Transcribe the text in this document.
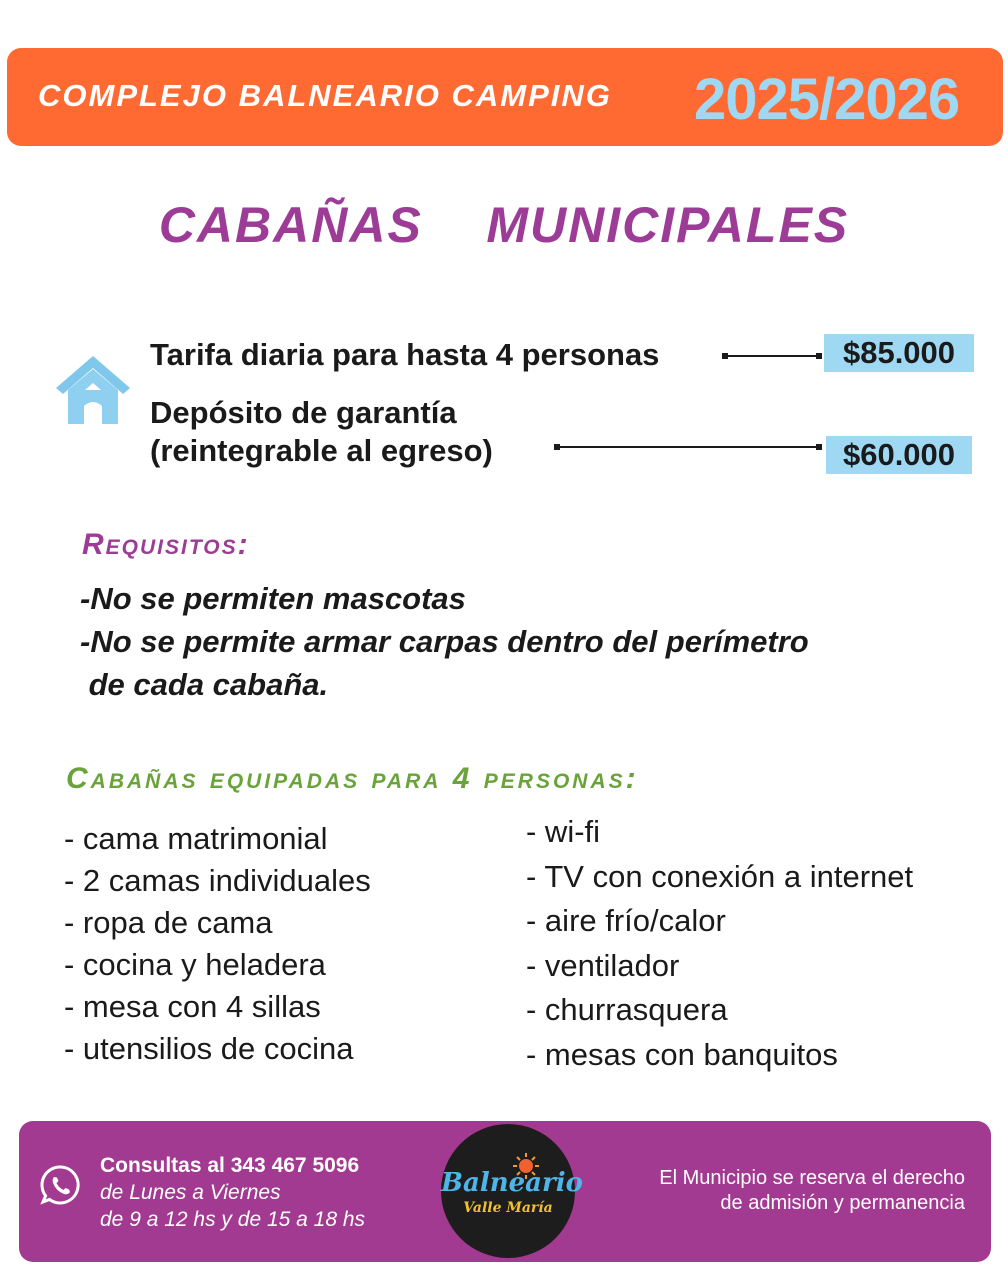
COMPLEJO BALNEARIO CAMPING 2025/2026
CABAÑAS    MUNICIPALES
Tarifa diaria para hasta 4 personas	$85.000
Depósito de garantía
(reintegrable al egreso)	$60.000
Requisitos:
-No se permiten mascotas
-No se permite armar carpas dentro del perímetro
de cada cabaña.
Cabañas equipadas para 4 personas:
- cama matrimonial
- 2 camas individuales
- ropa de cama
- cocina y heladera
- mesa con 4 sillas
- utensilios de cocina
- wi-fi
- TV con conexión a internet
- aire frío/calor
- ventilador
- churrasquera
- mesas con banquitos
Consultas al 343 467 5096
de Lunes a Viernes
de 9 a 12 hs y de 15 a 18 hs
Balneario
Valle María
El Municipio se reserva el derecho
de admisión y permanencia
